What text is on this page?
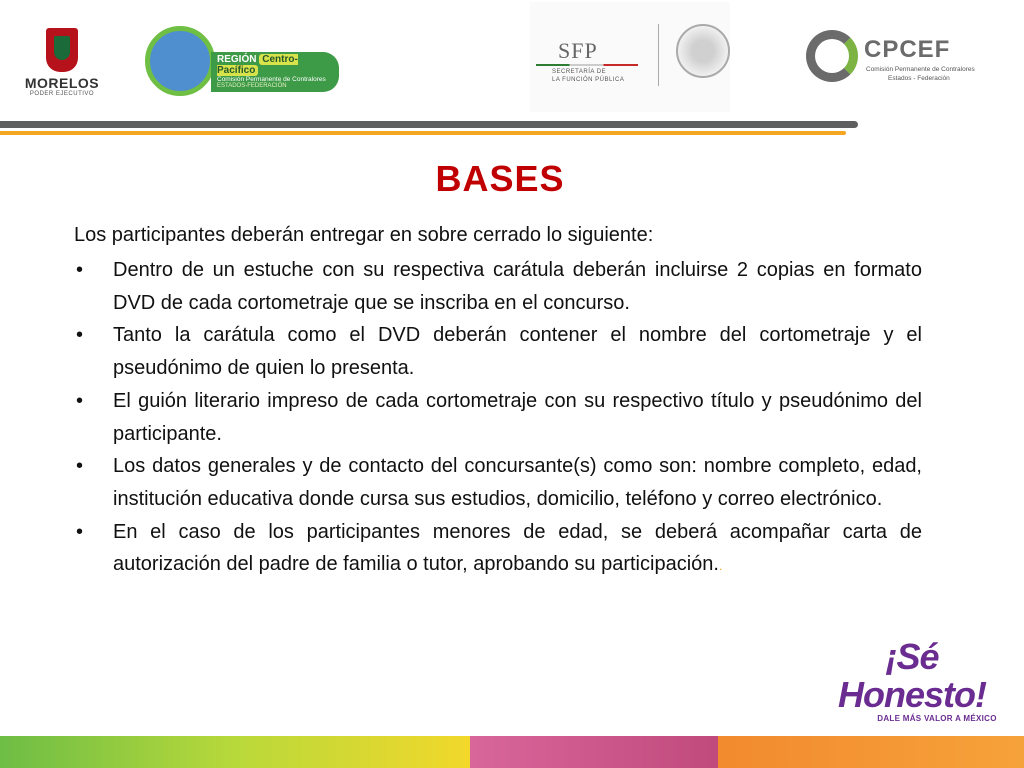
MORELOS
PODER EJECUTIVO
REGIÓN Centro-Pacífico
Comisión Permanente de Contralores
ESTADOS-FEDERACIÓN
SFP
SECRETARÍA DE
LA FUNCIÓN PÚBLICA
CPCEF
Comisión Permanente de Contralores
Estados - Federación
BASES

Los participantes deberán entregar en sobre cerrado lo siguiente:

• Dentro de un estuche con su respectiva carátula deberán incluirse 2 copias en formato DVD de cada cortometraje que se inscriba en el concurso.
• Tanto la carátula como el DVD deberán contener el nombre del cortometraje y el pseudónimo de quien lo presenta.
• El guión literario impreso de cada cortometraje con su respectivo título y pseudónimo del participante.
• Los datos generales y de contacto del concursante(s) como son: nombre completo, edad, institución educativa donde cursa sus estudios, domicilio, teléfono y correo electrónico.
• En el caso de los participantes menores de edad, se deberá acompañar carta de autorización del padre de familia o tutor, aprobando su participación..
¡Sé Honesto!
DALE MÁS VALOR A MÉXICO
